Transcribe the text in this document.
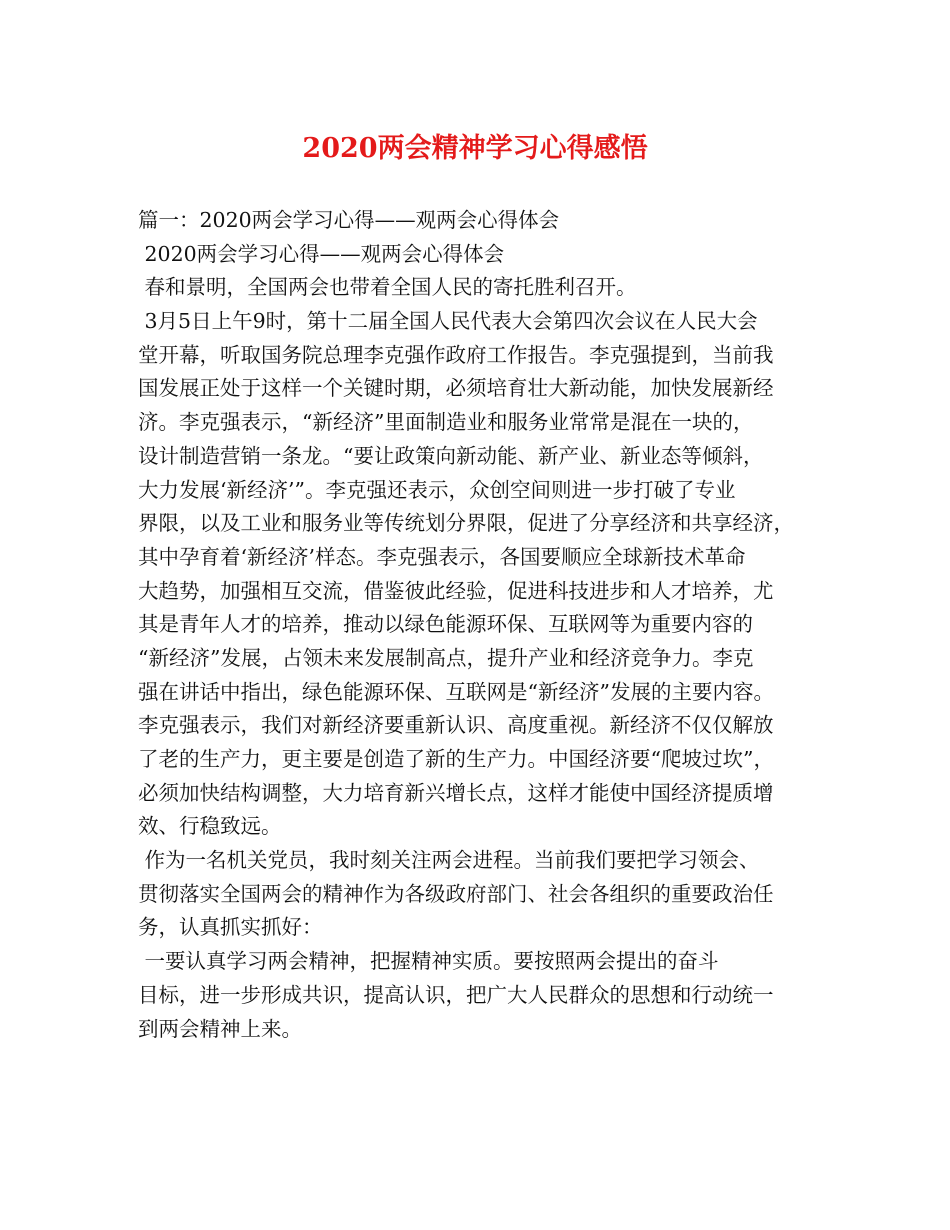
2020两会精神学习心得感悟
篇一：2020两会学习心得——观两会心得体会
2020两会学习心得——观两会心得体会
春和景明，全国两会也带着全国人民的寄托胜利召开。
3月5日上午9时，第十二届全国人民代表大会第四次会议在人民大会
堂开幕，听取国务院总理李克强作政府工作报告。李克强提到，当前我
国发展正处于这样一个关键时期，必须培育壮大新动能，加快发展新经
济。李克强表示，“新经济”里面制造业和服务业常常是混在一块的，
设计制造营销一条龙。“要让政策向新动能、新产业、新业态等倾斜，
大力发展‘新经济’”。李克强还表示，众创空间则进一步打破了专业
界限，以及工业和服务业等传统划分界限，促进了分享经济和共享经济，
其中孕育着‘新经济’样态。李克强表示，各国要顺应全球新技术革命
大趋势，加强相互交流，借鉴彼此经验，促进科技进步和人才培养，尤
其是青年人才的培养，推动以绿色能源环保、互联网等为重要内容的
“新经济”发展，占领未来发展制高点，提升产业和经济竞争力。李克
强在讲话中指出，绿色能源环保、互联网是“新经济”发展的主要内容。
李克强表示，我们对新经济要重新认识、高度重视。新经济不仅仅解放
了老的生产力，更主要是创造了新的生产力。中国经济要“爬坡过坎”，
必须加快结构调整，大力培育新兴增长点，这样才能使中国经济提质增
效、行稳致远。
作为一名机关党员，我时刻关注两会进程。当前我们要把学习领会、
贯彻落实全国两会的精神作为各级政府部门、社会各组织的重要政治任
务，认真抓实抓好：
一要认真学习两会精神，把握精神实质。要按照两会提出的奋斗
目标，进一步形成共识，提高认识，把广大人民群众的思想和行动统一
到两会精神上来。
